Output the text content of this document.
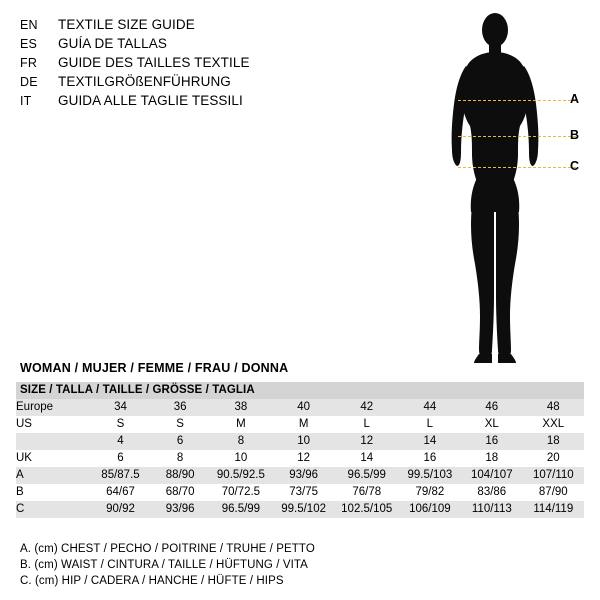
EN	TEXTILE SIZE GUIDE
ES	GUÍA DE TALLAS
FR	GUIDE DES TAILLES TEXTILE
DE	TEXTILGRÖßENFÜHRUNG
IT	GUIDA ALLE TAGLIE TESSILI	A
B
C
WOMAN / MUJER / FEMME / FRAU / DONNA
SIZE / TALLA / TAILLE / GRÖSSE / TAGLIA								
Europe	34	36	38	40	42	44	46	48
US	S	S	M	M	L	L	XL	XXL
	4	6	8	10	12	14	16	18
UK	6	8	10	12	14	16	18	20
A	85/87.5	88/90	90.5/92.5	93/96	96.5/99	99.5/103	104/107	107/110
B	64/67	68/70	70/72.5	73/75	76/78	79/82	83/86	87/90
C	90/92	93/96	96.5/99	99.5/102	102.5/105	106/109	110/113	114/119
A. (cm) CHEST / PECHO / POITRINE / TRUHE / PETTO
B. (cm) WAIST / CINTURA / TAILLE / HÜFTUNG / VITA
C. (cm) HIP / CADERA / HANCHE / HÜFTE / HIPS
